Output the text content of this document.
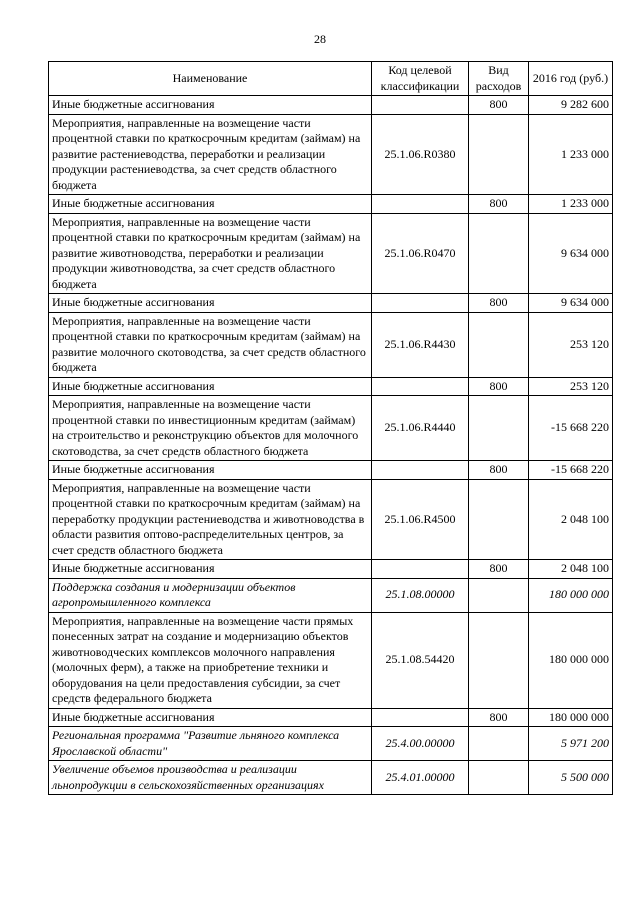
28
Наименование	Код целевой классификации	Вид расходов	2016 год (руб.)
Иные бюджетные ассигнования		800	9 282 600
Мероприятия, направленные на возмещение части процентной ставки по краткосрочным кредитам (займам) на развитие растениеводства, переработки и реализации продукции растениеводства, за счет средств областного бюджета	25.1.06.R0380		1 233 000
Иные бюджетные ассигнования		800	1 233 000
Мероприятия, направленные на возмещение части процентной ставки по краткосрочным кредитам (займам) на развитие животноводства, переработки и реализации продукции животноводства, за счет средств областного бюджета	25.1.06.R0470		9 634 000
Иные бюджетные ассигнования		800	9 634 000
Мероприятия, направленные на возмещение части процентной ставки по краткосрочным кредитам (займам) на развитие молочного скотоводства, за счет средств областного бюджета	25.1.06.R4430		253 120
Иные бюджетные ассигнования		800	253 120
Мероприятия, направленные на возмещение части процентной ставки по инвестиционным кредитам (займам) на строительство и реконструкцию объектов для молочного скотоводства, за счет средств областного бюджета	25.1.06.R4440		-15 668 220
Иные бюджетные ассигнования		800	-15 668 220
Мероприятия, направленные на возмещение части процентной ставки по краткосрочным кредитам (займам) на переработку продукции растениеводства и животноводства в области развития оптово-распределительных центров, за счет средств областного бюджета	25.1.06.R4500		2 048 100
Иные бюджетные ассигнования		800	2 048 100
Поддержка создания и модернизации объектов агропромышленного комплекса	25.1.08.00000		180 000 000
Мероприятия, направленные на возмещение части прямых понесенных затрат на создание и модернизацию объектов животноводческих комплексов молочного направления (молочных ферм), а также на приобретение техники и оборудования на цели предоставления субсидии, за счет средств федерального бюджета	25.1.08.54420		180 000 000
Иные бюджетные ассигнования		800	180 000 000
Региональная программа "Развитие льняного комплекса Ярославской области"	25.4.00.00000		5 971 200
Увеличение объемов производства и реализации льнопродукции в сельскохозяйственных организациях	25.4.01.00000		5 500 000
